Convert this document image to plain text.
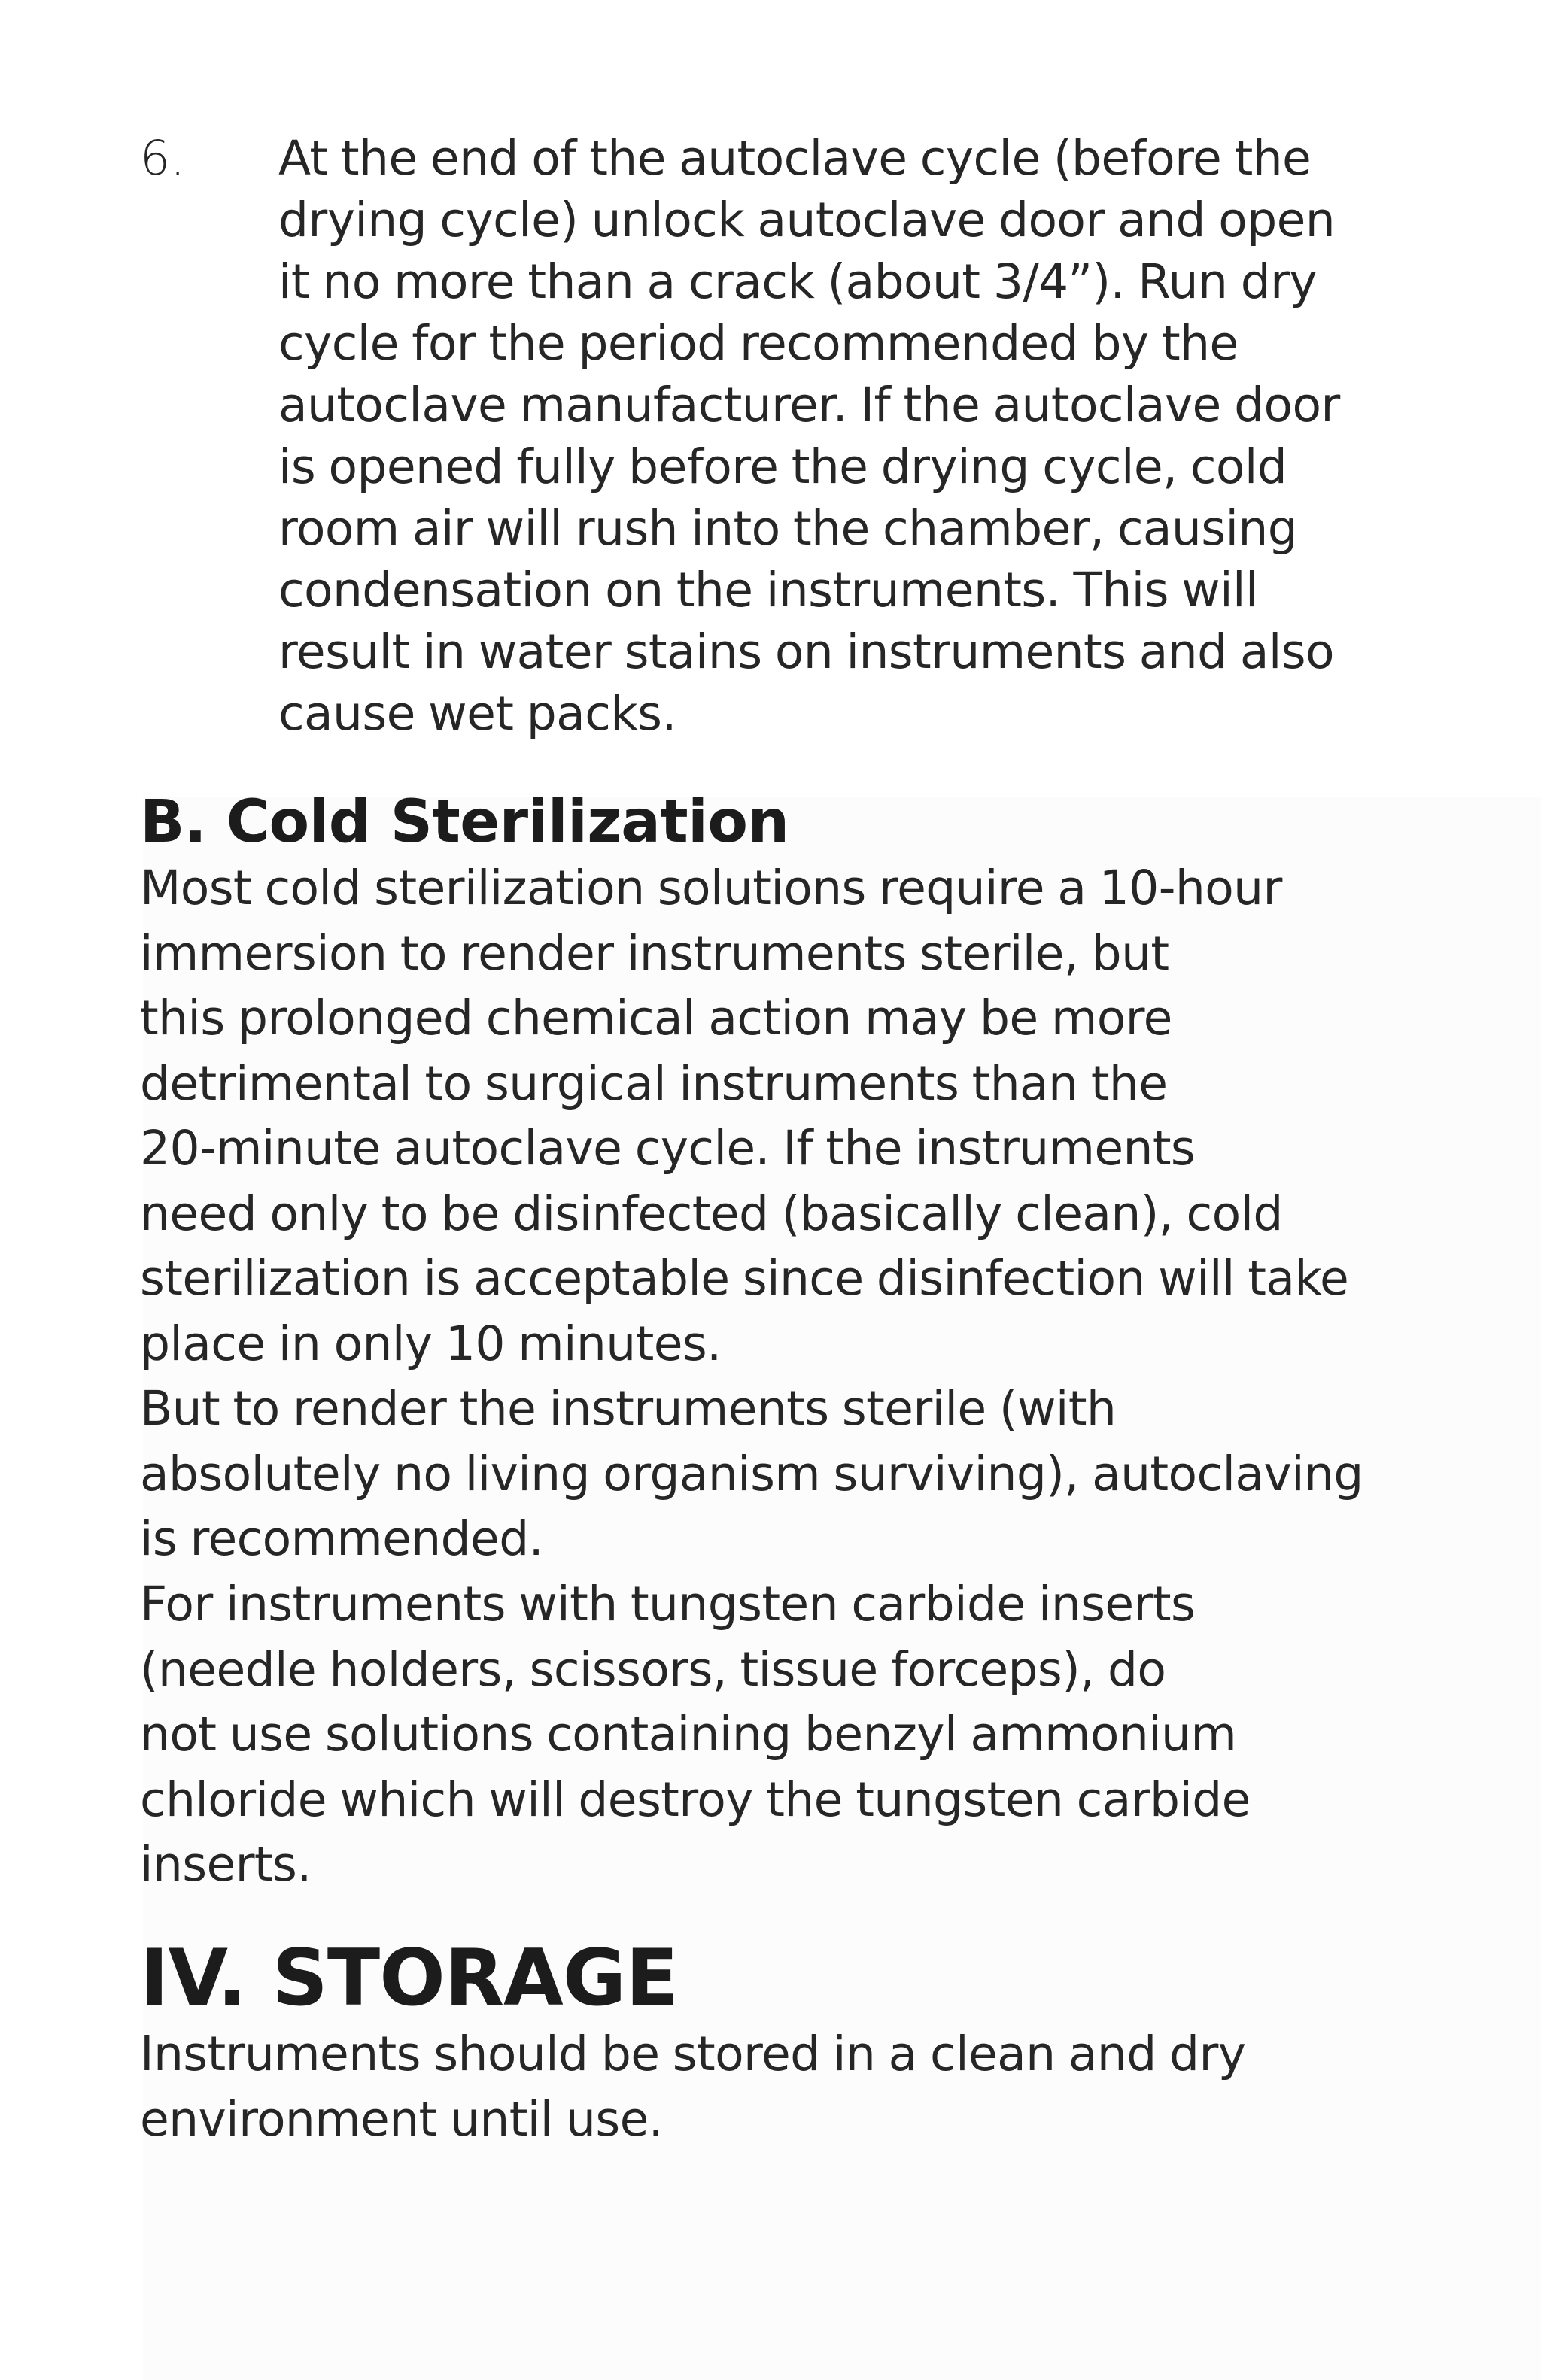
6. At the end of the autoclave cycle (before the
drying cycle) unlock autoclave door and open
it no more than a crack (about 3/4”). Run dry
cycle for the period recommended by the
autoclave manufacturer. If the autoclave door
is opened fully before the drying cycle, cold
room air will rush into the chamber, causing
condensation on the instruments. This will
result in water stains on instruments and also
cause wet packs.
B. Cold Sterilization
Most cold sterilization solutions require a 10-hour
immersion to render instruments sterile, but
this prolonged chemical action may be more
detrimental to surgical instruments than the
20-minute autoclave cycle. If the instruments
need only to be disinfected (basically clean), cold
sterilization is acceptable since disinfection will take
place in only 10 minutes.
But to render the instruments sterile (with
absolutely no living organism surviving), autoclaving
is recommended.
For instruments with tungsten carbide inserts
(needle holders, scissors, tissue forceps), do
not use solutions containing benzyl ammonium
chloride which will destroy the tungsten carbide
inserts.
IV. STORAGE
Instruments should be stored in a clean and dry
environment until use.
